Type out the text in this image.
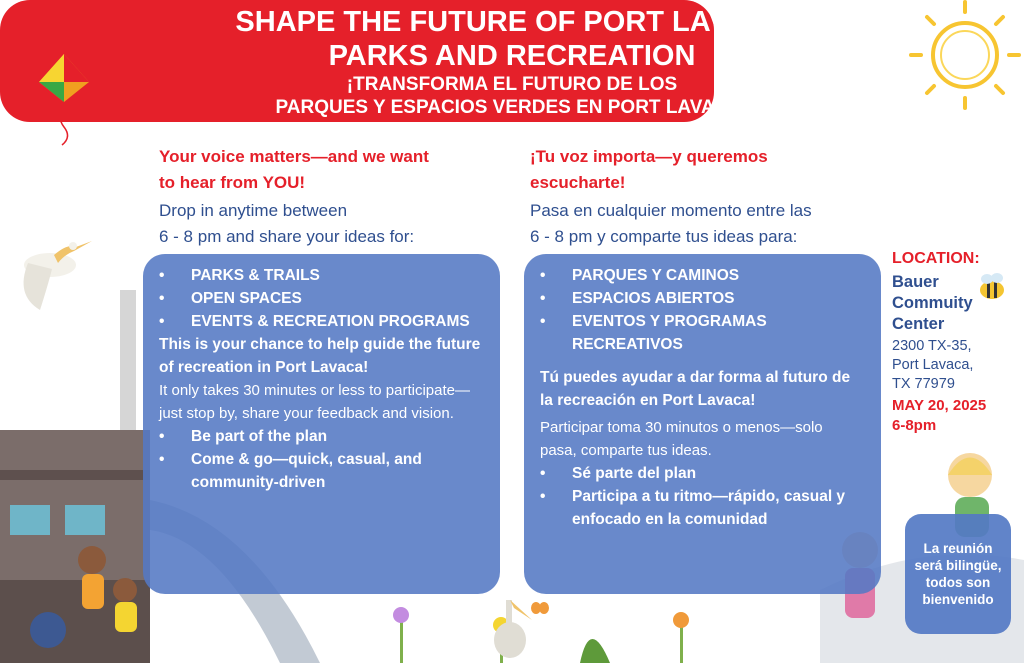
SHAPE THE FUTURE OF PORT LAVACA
PARKS AND RECREATION
¡TRANSFORMA EL FUTURO DE LOS
PARQUES Y ESPACIOS VERDES EN PORT LAVACA!
Your voice matters—and we want
to hear from YOU!
Drop in anytime between
6 - 8 pm and share your ideas for:
¡Tu voz importa—y queremos
escucharte!
Pasa en cualquier momento entre las
6 - 8 pm y comparte tus ideas para:
• PARKS & TRAILS
• OPEN SPACES
• EVENTS & RECREATION PROGRAMS
This is your chance to help guide the future of recreation in Port Lavaca!
It only takes 30 minutes or less to participate—just stop by, share your feedback and vision.
• Be part of the plan
• Come & go—quick, casual, and community-driven
• PARQUES Y CAMINOS
• ESPACIOS ABIERTOS
• EVENTOS Y PROGRAMAS RECREATIVOS
Tú puedes ayudar a dar forma al futuro de la recreación en Port Lavaca!
Participar toma 30 minutos o menos—solo pasa, comparte tus ideas.
• Sé parte del plan
• Participa a tu ritmo—rápido, casual y enfocado en la comunidad
LOCATION:
Bauer
Commuity
Center
2300 TX-35,
Port Lavaca,
TX 77979
MAY 20, 2025
6-8pm
La reunión será bilingüe, todos son bienvenido
